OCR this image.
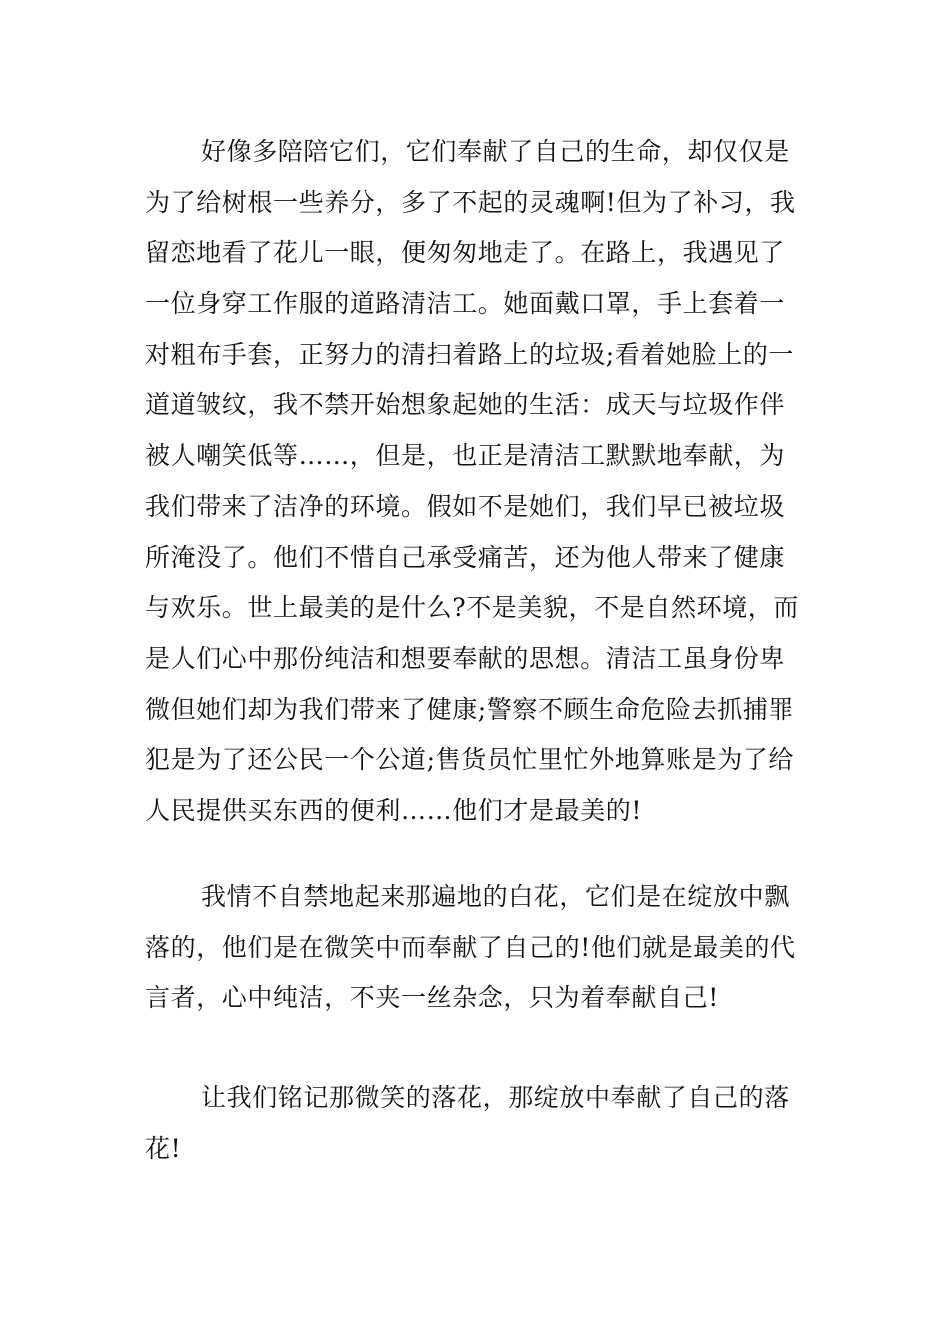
好像多陪陪它们，它们奉献了自己的生命，却仅仅是
为了给树根一些养分，多了不起的灵魂啊!但为了补习，我
留恋地看了花儿一眼，便匆匆地走了。在路上，我遇见了
一位身穿工作服的道路清洁工。她面戴口罩，手上套着一
对粗布手套，正努力的清扫着路上的垃圾;看着她脸上的一
道道皱纹，我不禁开始想象起她的生活：成天与垃圾作伴
被人嘲笑低等……，但是，也正是清洁工默默地奉献，为
我们带来了洁净的环境。假如不是她们，我们早已被垃圾
所淹没了。他们不惜自己承受痛苦，还为他人带来了健康
与欢乐。世上最美的是什么?不是美貌，不是自然环境，而
是人们心中那份纯洁和想要奉献的思想。清洁工虽身份卑
微但她们却为我们带来了健康;警察不顾生命危险去抓捕罪
犯是为了还公民一个公道;售货员忙里忙外地算账是为了给
人民提供买东西的便利……他们才是最美的!
我情不自禁地起来那遍地的白花，它们是在绽放中飘
落的，他们是在微笑中而奉献了自己的!他们就是最美的代
言者，心中纯洁，不夹一丝杂念，只为着奉献自己!
让我们铭记那微笑的落花，那绽放中奉献了自己的落
花!
